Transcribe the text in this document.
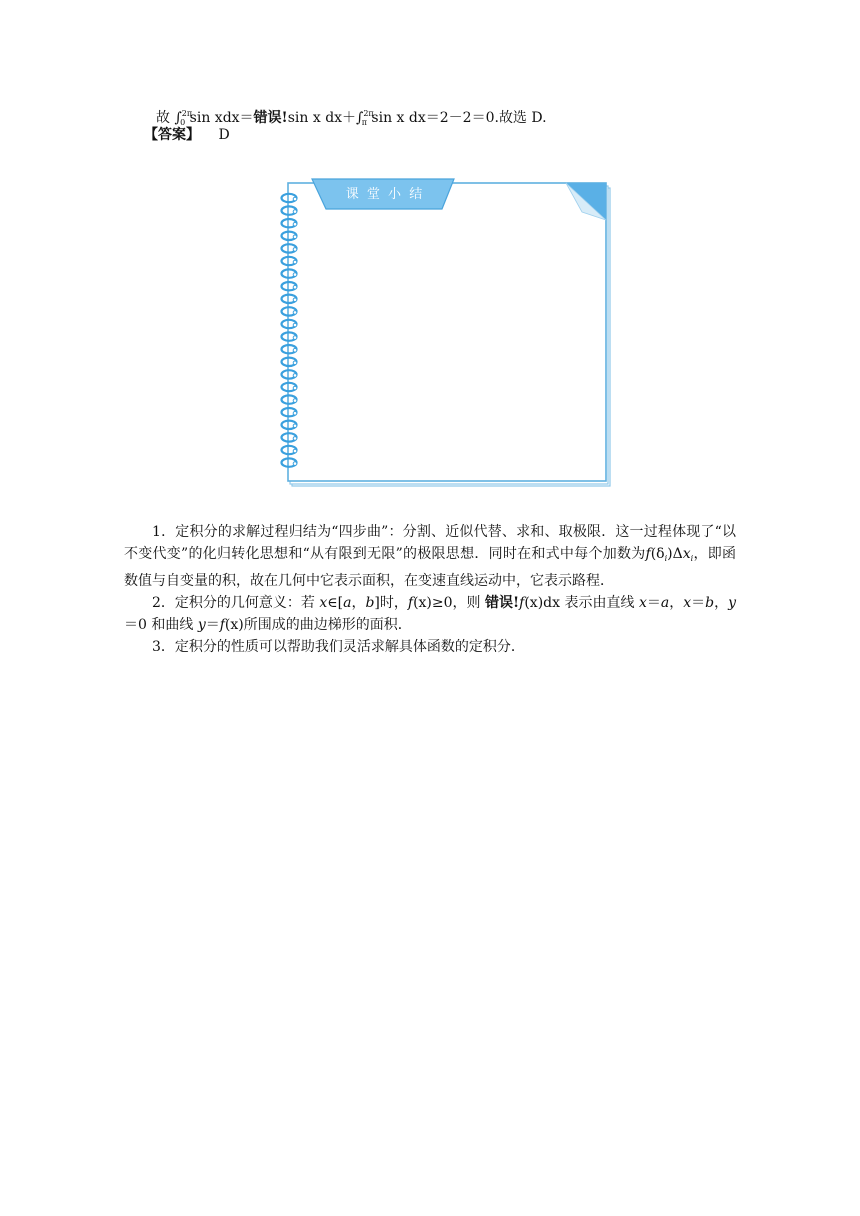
故 ∫$^{2\pi}_0$ sin xdx＝错误!sin x dx＋∫$^{2\pi}_\pi$ sin x dx＝2－2＝0.故选 D.
【答案】 D
课 堂 小 结

1．定积分的求解过程归结为“四步曲”：分割、近似代替、求和、取极限．这一过程体现了“以不变代变”的化归转化思想和“从有限到无限”的极限思想．同时在和式中每个加数为$f(\delta_i)\Delta x_i$，即函数值与自变量的积，故在几何中它表示面积，在变速直线运动中，它表示路程．

2．定积分的几何意义：若 x∈[a，b]时，f(x)≥0，则 错误!f(x)dx 表示由直线 x＝a，x＝b，y＝0 和曲线 y＝f(x)所围成的曲边梯形的面积．

3．定积分的性质可以帮助我们灵活求解具体函数的定积分．
